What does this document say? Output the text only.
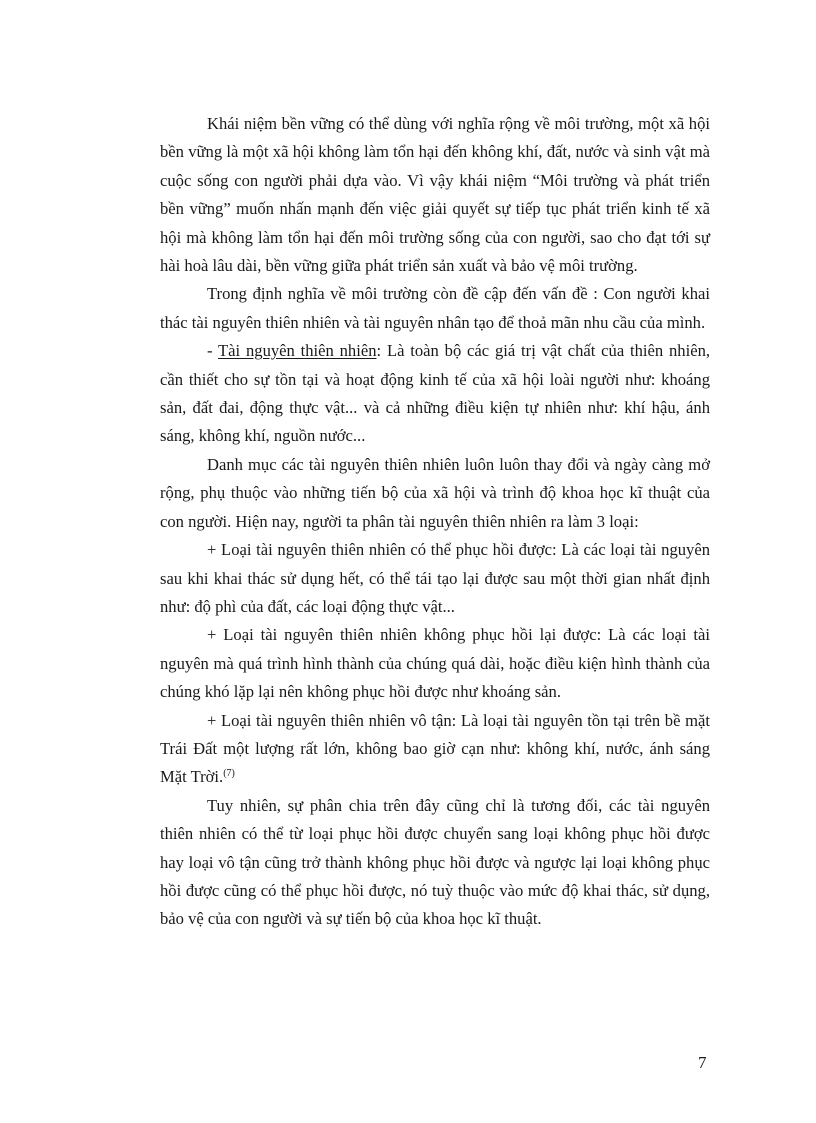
Khái niệm bền vững có thể dùng với nghĩa rộng về môi trường, một xã hội bền vững là một xã hội không làm tổn hại đến không khí, đất, nước và sinh vật mà cuộc sống con người phải dựa vào. Vì vậy khái niệm “Môi trường và phát triển bền vững” muốn nhấn mạnh đến việc giải quyết sự tiếp tục phát triển kinh tế xã hội mà không làm tổn hại đến môi trường sống của con người, sao cho đạt tới sự hài hoà lâu dài, bền vững giữa phát triển sản xuất và bảo vệ môi trường.

Trong định nghĩa về môi trường còn đề cập đến vấn đề : Con người khai thác tài nguyên thiên nhiên và tài nguyên nhân tạo để thoả mãn nhu cầu của mình.

- Tài nguyên thiên nhiên: Là toàn bộ các giá trị vật chất của thiên nhiên, cần thiết cho sự tồn tại và hoạt động kinh tế của xã hội loài người như: khoáng sản, đất đai, động thực vật... và cả những điều kiện tự nhiên như: khí hậu, ánh sáng, không khí, nguồn nước...

Danh mục các tài nguyên thiên nhiên luôn luôn thay đổi và ngày càng mở rộng, phụ thuộc vào những tiến bộ của xã hội và trình độ khoa học kĩ thuật của con người. Hiện nay, người ta phân tài nguyên thiên nhiên ra làm 3 loại:

+ Loại tài nguyên thiên nhiên có thể phục hồi được: Là các loại tài nguyên sau khi khai thác sử dụng hết, có thể tái tạo lại được sau một thời gian nhất định như: độ phì của đất, các loại động thực vật...

+ Loại tài nguyên thiên nhiên không phục hồi lại được: Là các loại tài nguyên mà quá trình hình thành của chúng quá dài, hoặc điều kiện hình thành của chúng khó lặp lại nên không phục hồi được như khoáng sản.

+ Loại tài nguyên thiên nhiên vô tận: Là loại tài nguyên tồn tại trên bề mặt Trái Đất một lượng rất lớn, không bao giờ cạn như: không khí, nước, ánh sáng Mặt Trời.$^{(7)}$

Tuy nhiên, sự phân chia trên đây cũng chỉ là tương đối, các tài nguyên thiên nhiên có thể từ loại phục hồi được chuyển sang loại không phục hồi được hay loại vô tận cũng trở thành không phục hồi được và ngược lại loại không phục hồi được cũng có thể phục hồi được, nó tuỳ thuộc vào mức độ khai thác, sử dụng, bảo vệ của con người và sự tiến bộ của khoa học kĩ thuật.

7
